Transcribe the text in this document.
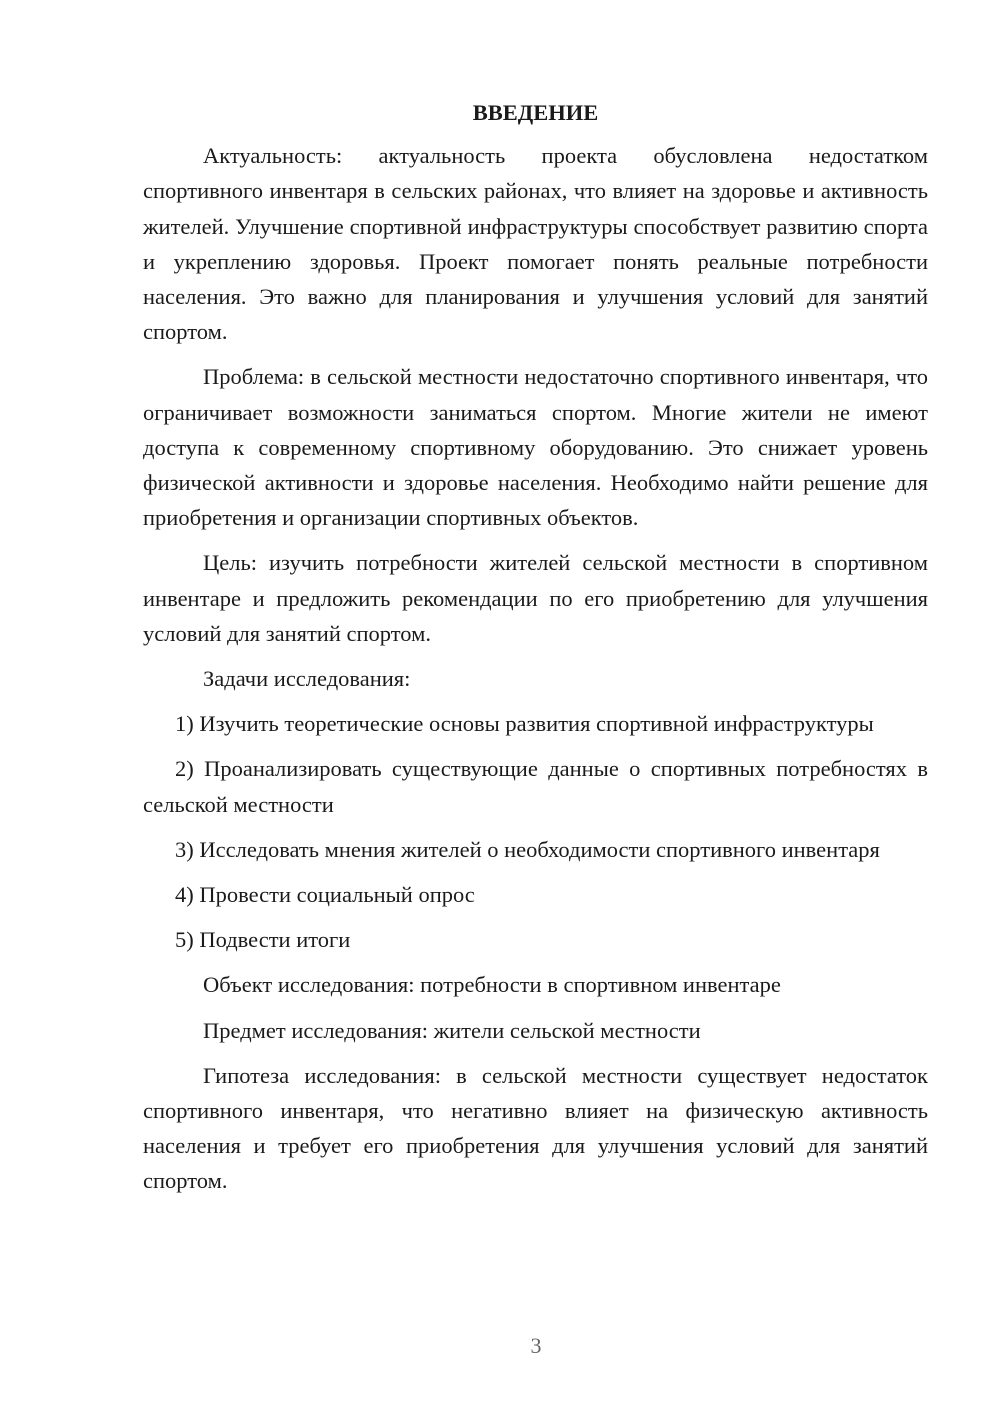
ВВЕДЕНИЕ

Актуальность: актуальность проекта обусловлена недостатком спортивного инвентаря в сельских районах, что влияет на здоровье и активность жителей. Улучшение спортивной инфраструктуры способствует развитию спорта и укреплению здоровья. Проект помогает понять реальные потребности населения. Это важно для планирования и улучшения условий для занятий спортом.

Проблема: в сельской местности недостаточно спортивного инвентаря, что ограничивает возможности заниматься спортом. Многие жители не имеют доступа к современному спортивному оборудованию. Это снижает уровень физической активности и здоровье населения. Необходимо найти решение для приобретения и организации спортивных объектов.

Цель: изучить потребности жителей сельской местности в спортивном инвентаре и предложить рекомендации по его приобретению для улучшения условий для занятий спортом.

Задачи исследования:

1) Изучить теоретические основы развития спортивной инфраструктуры

2) Проанализировать существующие данные о спортивных потребностях в сельской местности

3) Исследовать мнения жителей о необходимости спортивного инвентаря

4) Провести социальный опрос

5) Подвести итоги

Объект исследования: потребности в спортивном инвентаре

Предмет исследования: жители сельской местности

Гипотеза исследования: в сельской местности существует недостаток спортивного инвентаря, что негативно влияет на физическую активность населения и требует его приобретения для улучшения условий для занятий спортом.

3
